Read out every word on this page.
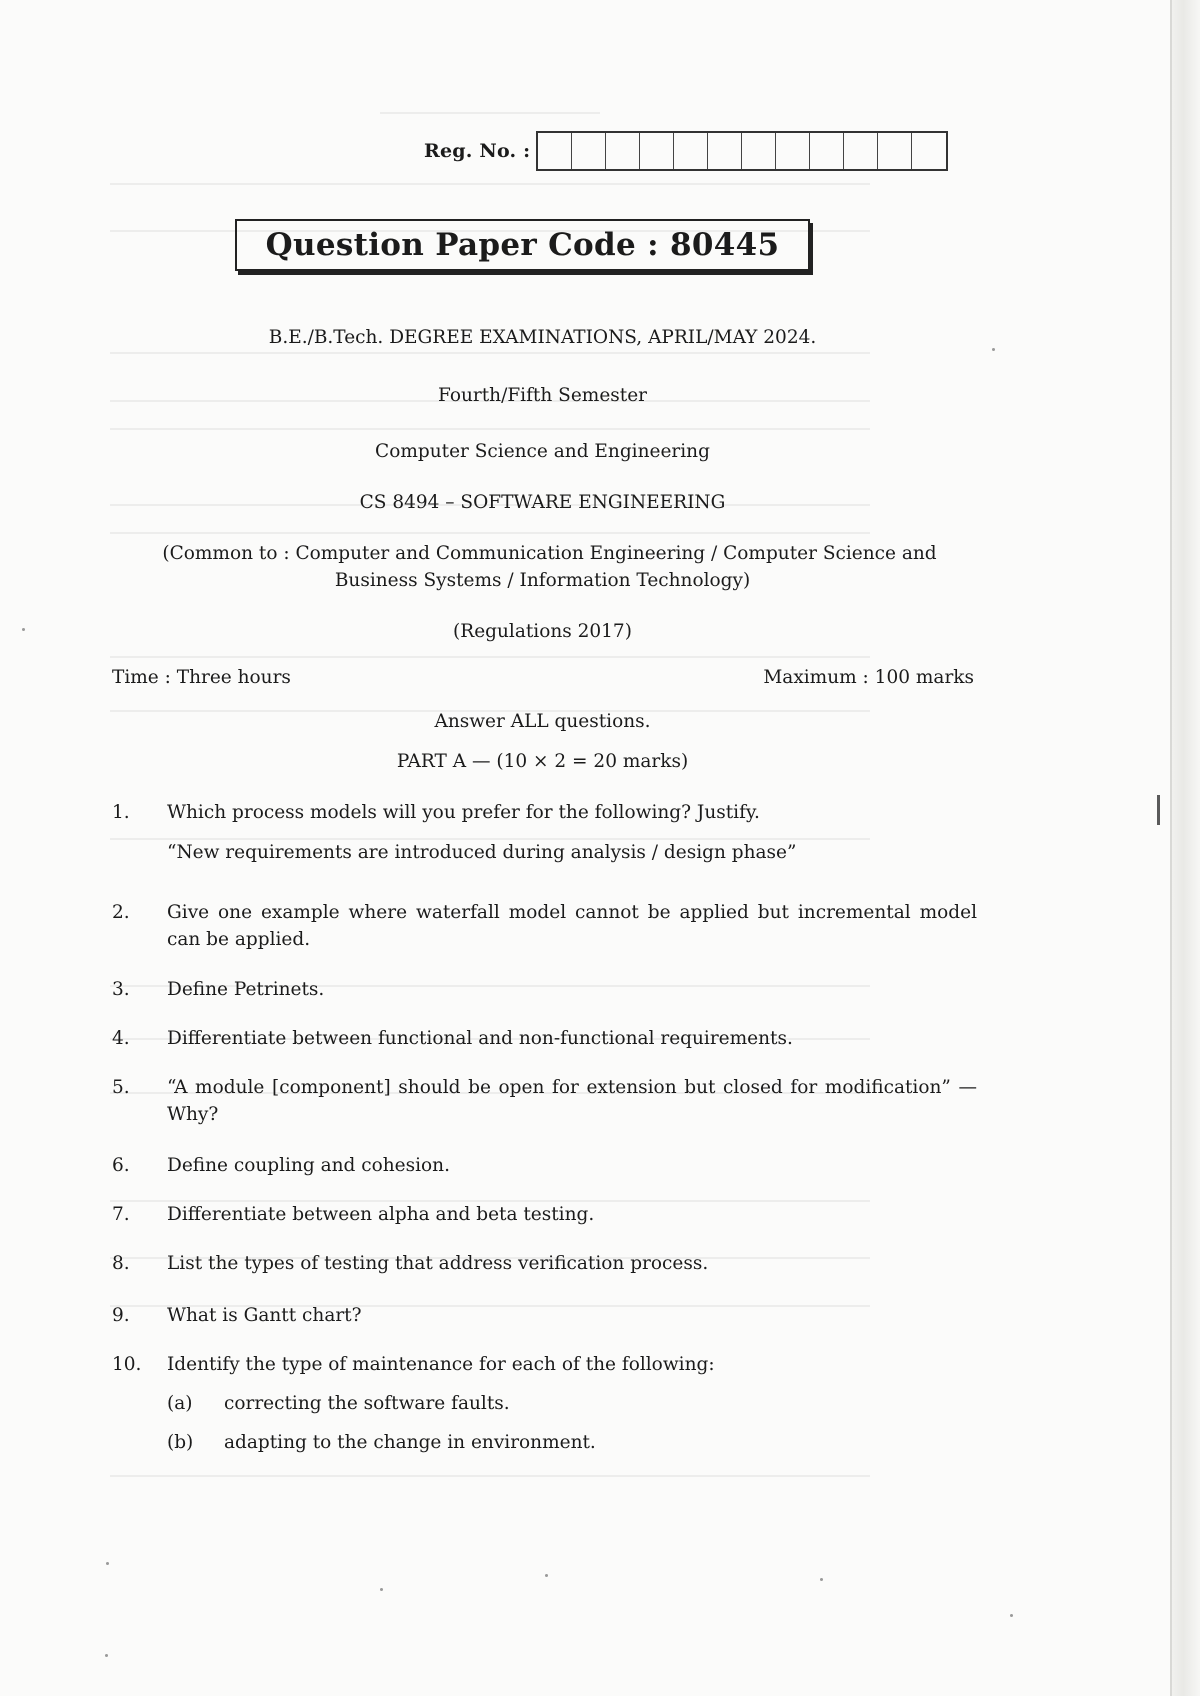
Reg. No. :
Question Paper Code : 80445
B.E./B.Tech. DEGREE EXAMINATIONS, APRIL/MAY 2024.
Fourth/Fifth Semester
Computer Science and Engineering
CS 8494 – SOFTWARE ENGINEERING
(Common to : Computer and Communication Engineering / Computer Science and
Business Systems / Information Technology)
(Regulations 2017)
Time : Three hours	Maximum : 100 marks
Answer ALL questions.
PART A — (10 × 2 = 20 marks)
1.	Which process models will you prefer for the following? Justify.
“New requirements are introduced during analysis / design phase”
2.	Give one example where waterfall model cannot be applied but incremental model can be applied.
3.	Define Petrinets.
4.	Differentiate between functional and non-functional requirements.
5.	“A module [component] should be open for extension but closed for modification” — Why?
6.	Define coupling and cohesion.
7.	Differentiate between alpha and beta testing.
8.	List the types of testing that address verification process.
9.	What is Gantt chart?
10.	Identify the type of maintenance for each of the following:
(a) correcting the software faults.
(b) adapting to the change in environment.
